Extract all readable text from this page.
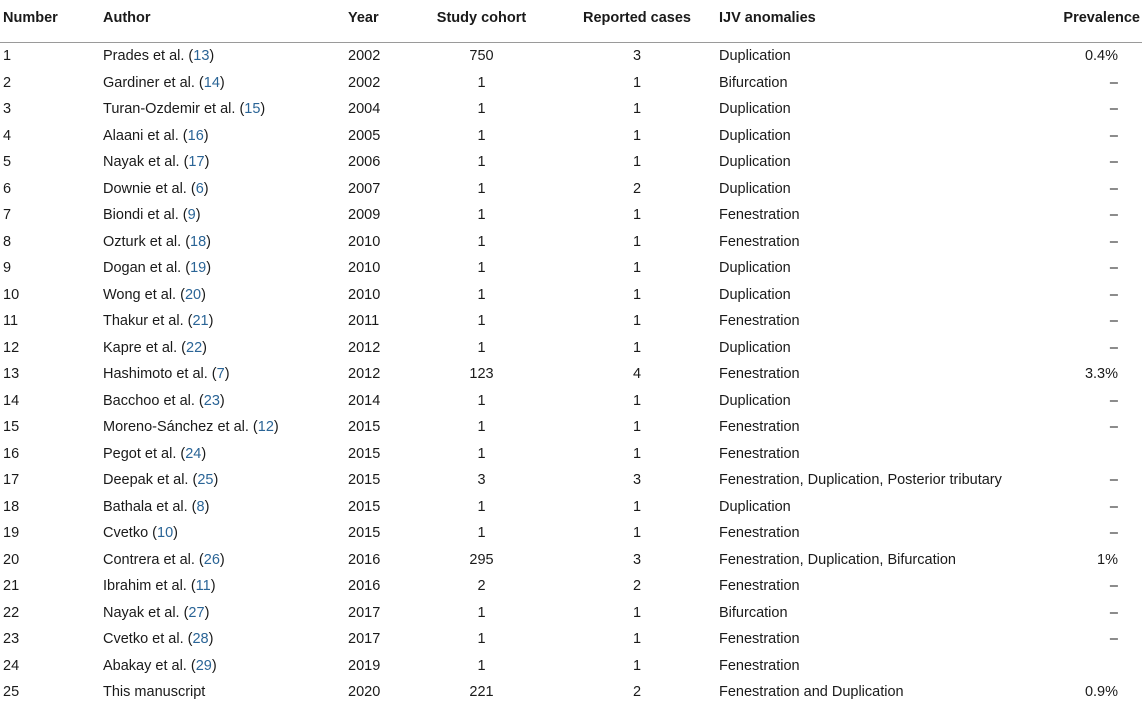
Number	Author	Year	Study cohort	Reported cases	IJV anomalies	Prevalence
1	Prades et al. (13)	2002	750	3	Duplication	0.4%
2	Gardiner et al. (14)	2002	1	1	Bifurcation	–
3	Turan-Ozdemir et al. (15)	2004	1	1	Duplication	–
4	Alaani et al. (16)	2005	1	1	Duplication	–
5	Nayak et al. (17)	2006	1	1	Duplication	–
6	Downie et al. (6)	2007	1	2	Duplication	–
7	Biondi et al. (9)	2009	1	1	Fenestration	–
8	Ozturk et al. (18)	2010	1	1	Fenestration	–
9	Dogan et al. (19)	2010	1	1	Duplication	–
10	Wong et al. (20)	2010	1	1	Duplication	–
11	Thakur et al. (21)	2011	1	1	Fenestration	–
12	Kapre et al. (22)	2012	1	1	Duplication	–
13	Hashimoto et al. (7)	2012	123	4	Fenestration	3.3%
14	Bacchoo et al. (23)	2014	1	1	Duplication	–
15	Moreno-Sánchez et al. (12)	2015	1	1	Fenestration	–
16	Pegot et al. (24)	2015	1	1	Fenestration	
17	Deepak et al. (25)	2015	3	3	Fenestration, Duplication, Posterior tributary	–
18	Bathala et al. (8)	2015	1	1	Duplication	–
19	Cvetko (10)	2015	1	1	Fenestration	–
20	Contrera et al. (26)	2016	295	3	Fenestration, Duplication, Bifurcation	1%
21	Ibrahim et al. (11)	2016	2	2	Fenestration	–
22	Nayak et al. (27)	2017	1	1	Bifurcation	–
23	Cvetko et al. (28)	2017	1	1	Fenestration	–
24	Abakay et al. (29)	2019	1	1	Fenestration	
25	This manuscript	2020	221	2	Fenestration and Duplication	0.9%
